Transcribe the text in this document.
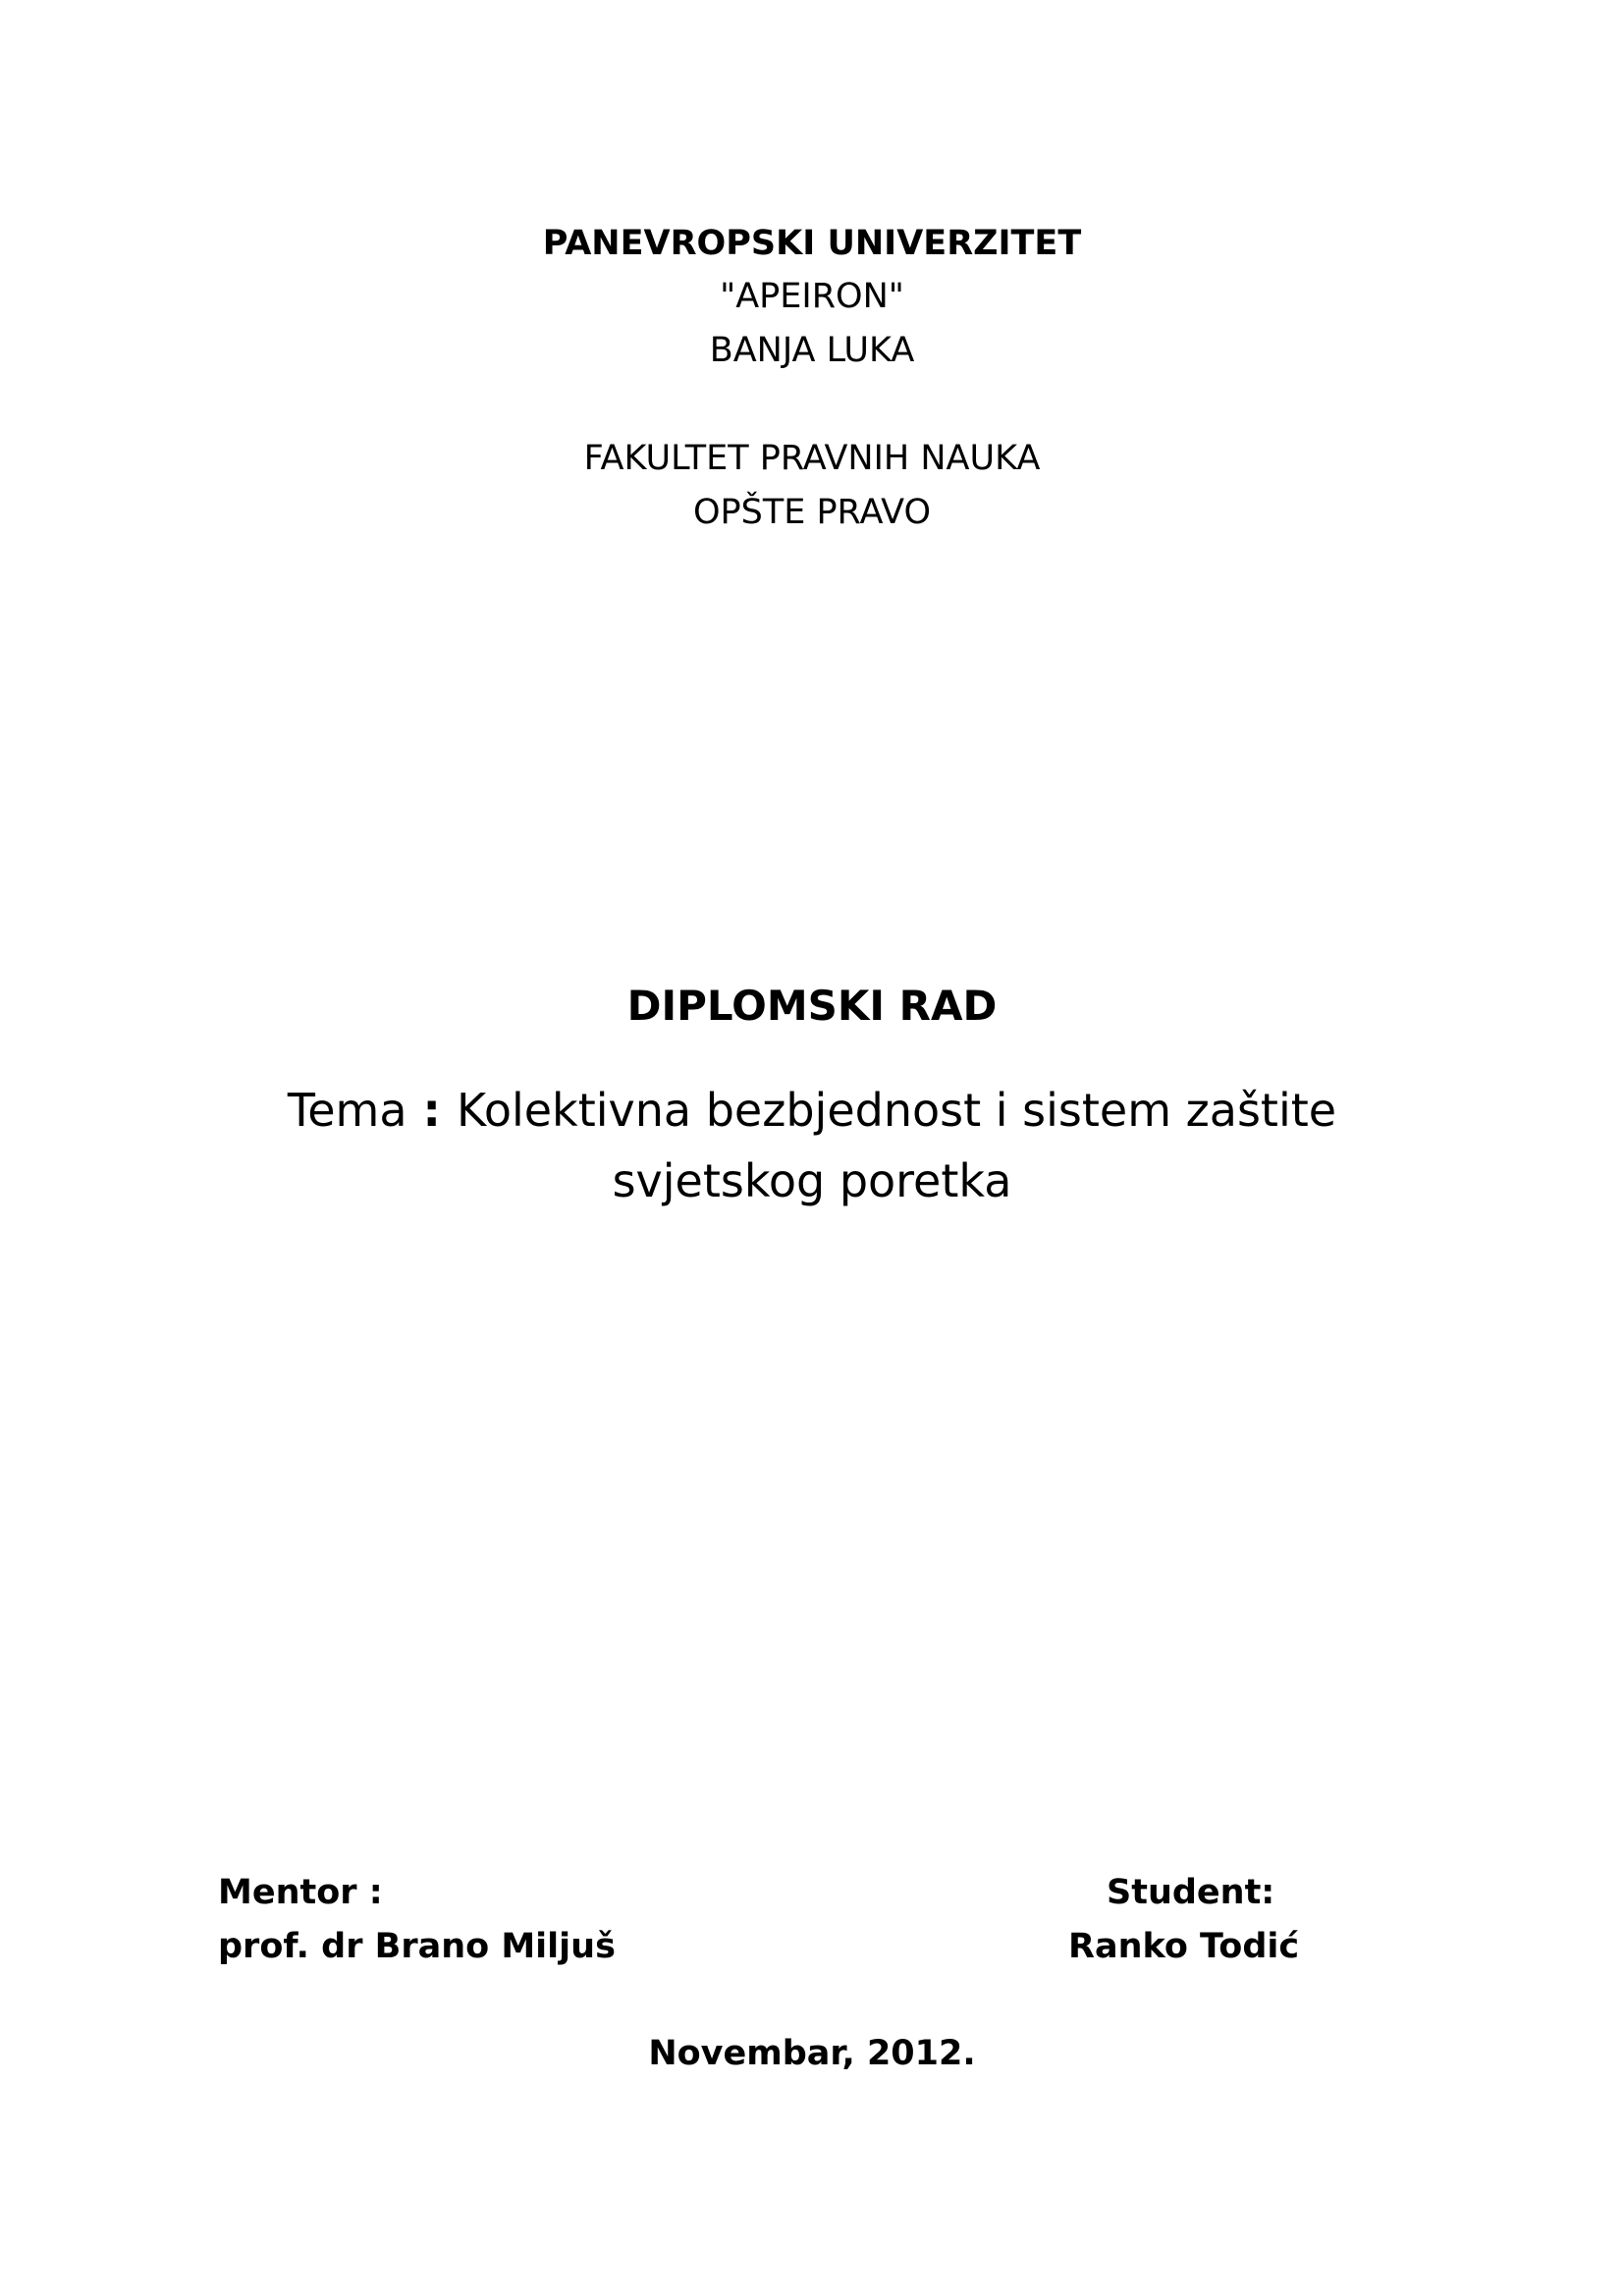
PANEVROPSKI UNIVERZITET
"APEIRON"
BANJA LUKA
FAKULTET PRAVNIH NAUKA
OPŠTE PRAVO
DIPLOMSKI RAD
Tema : Kolektivna bezbjednost i sistem zaštite
svjetskog poretka
Mentor :
prof. dr Brano Miljuš
Student:
Ranko Todić
Novembar, 2012.
